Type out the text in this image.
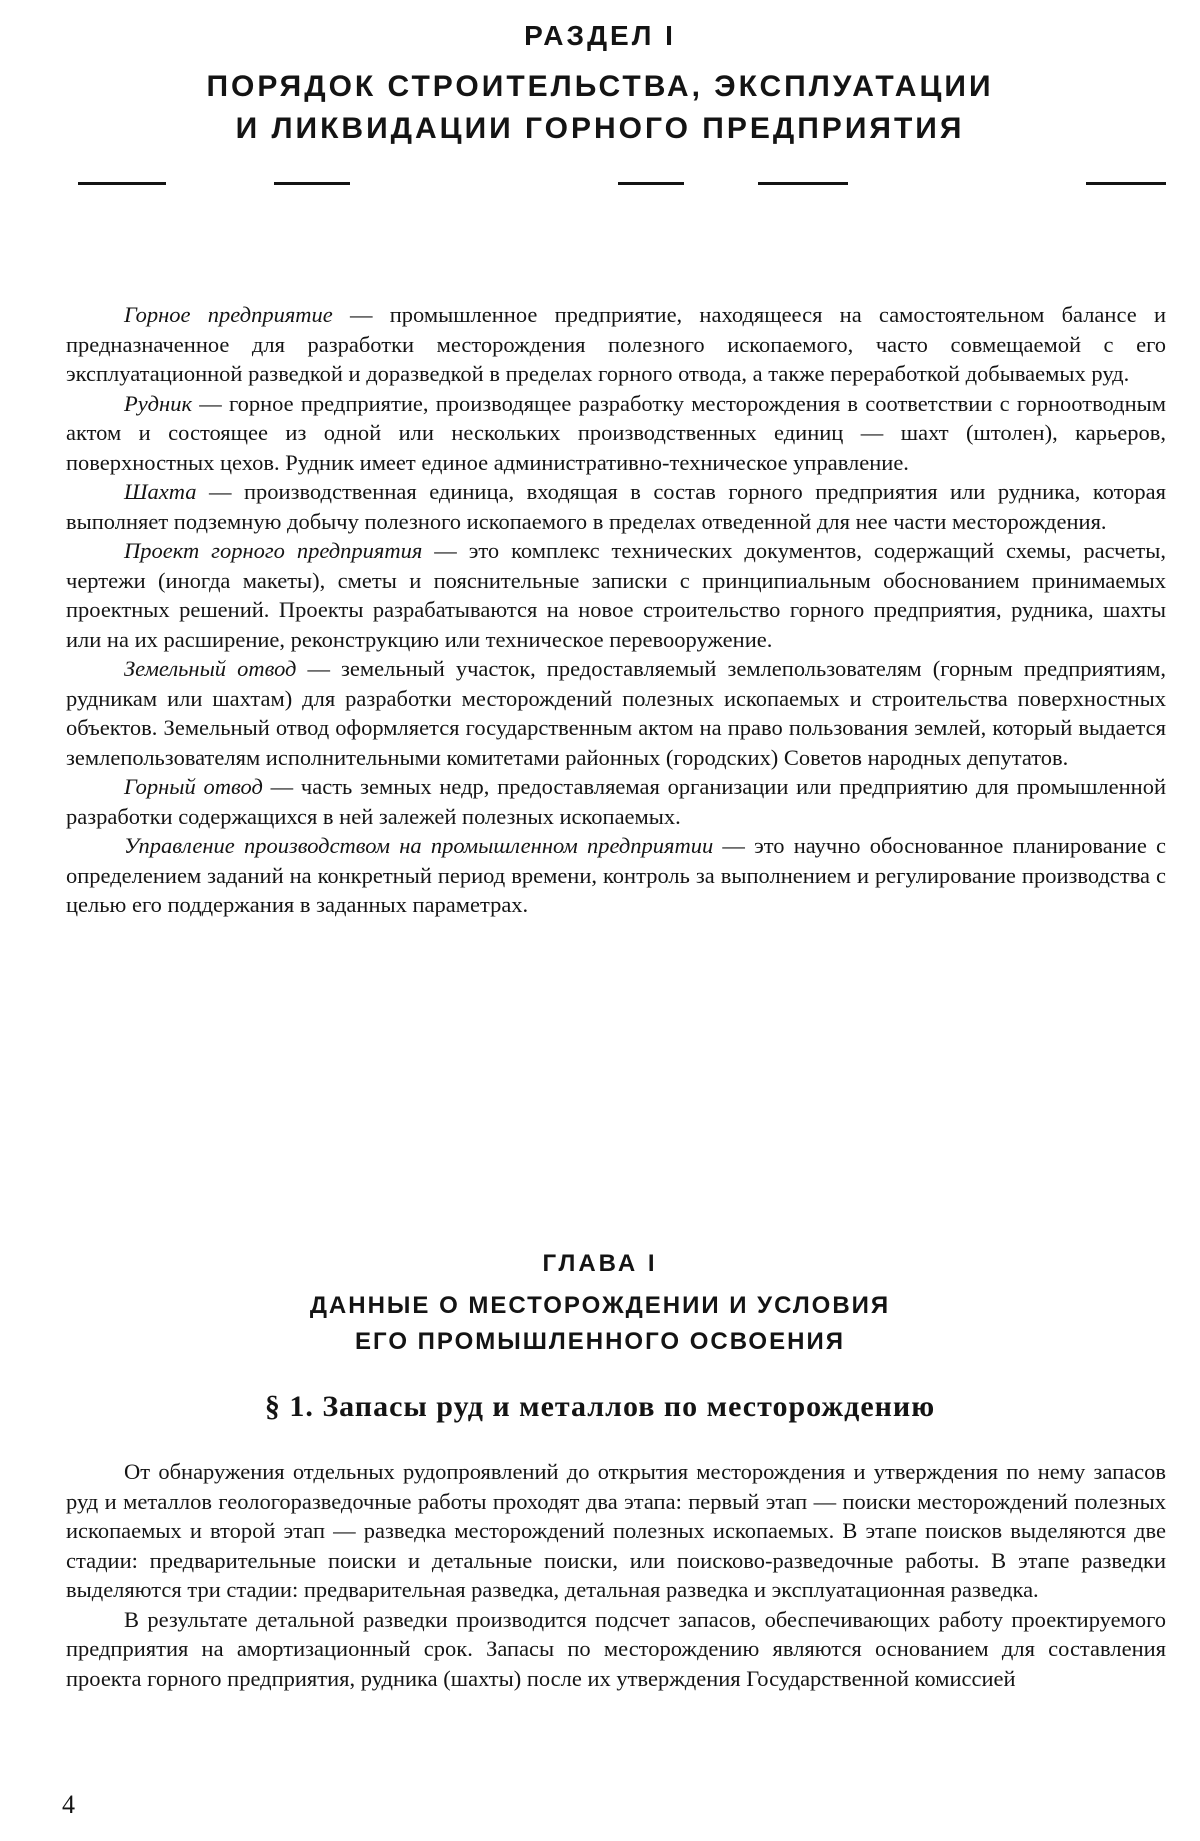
РАЗДЕЛ I
ПОРЯДОК СТРОИТЕЛЬСТВА, ЭКСПЛУАТАЦИИ
И ЛИКВИДАЦИИ ГОРНОГО ПРЕДПРИЯТИЯ

Горное предприятие — промышленное предприятие, находящееся на самостоятельном балансе и предназначенное для разработки месторождения полезного ископаемого, часто совмещаемой с его эксплуатационной разведкой и доразведкой в пределах горного отвода, а также переработкой добываемых руд.

Рудник — горное предприятие, производящее разработку месторождения в соответствии с горноотводным актом и состоящее из одной или нескольких производственных единиц — шахт (штолен), карьеров, поверхностных цехов. Рудник имеет единое административно-техническое управление.

Шахта — производственная единица, входящая в состав горного предприятия или рудника, которая выполняет подземную добычу полезного ископаемого в пределах отведенной для нее части месторождения.

Проект горного предприятия — это комплекс технических документов, содержащий схемы, расчеты, чертежи (иногда макеты), сметы и пояснительные записки с принципиальным обоснованием принимаемых проектных решений. Проекты разрабатываются на новое строительство горного предприятия, рудника, шахты или на их расширение, реконструкцию или техническое перевооружение.

Земельный отвод — земельный участок, предоставляемый землепользователям (горным предприятиям, рудникам или шахтам) для разработки месторождений полезных ископаемых и строительства поверхностных объектов. Земельный отвод оформляется государственным актом на право пользования землей, который выдается землепользователям исполнительными комитетами районных (городских) Советов народных депутатов.

Горный отвод — часть земных недр, предоставляемая организации или предприятию для промышленной разработки содержащихся в ней залежей полезных ископаемых.

Управление производством на промышленном предприятии — это научно обоснованное планирование с определением заданий на конкретный период времени, контроль за выполнением и регулирование производства с целью его поддержания в заданных параметрах.

ГЛАВА I
ДАННЫЕ О МЕСТОРОЖДЕНИИ И УСЛОВИЯ
ЕГО ПРОМЫШЛЕННОГО ОСВОЕНИЯ
§ 1. Запасы руд и металлов по месторождению

От обнаружения отдельных рудопроявлений до открытия месторождения и утверждения по нему запасов руд и металлов геологоразведочные работы проходят два этапа: первый этап — поиски месторождений полезных ископаемых и второй этап — разведка месторождений полезных ископаемых. В этапе поисков выделяются две стадии: предварительные поиски и детальные поиски, или поисково-разведочные работы. В этапе разведки выделяются три стадии: предварительная разведка, детальная разведка и эксплуатационная разведка.

В результате детальной разведки производится подсчет запасов, обеспечивающих работу проектируемого предприятия на амортизационный срок. Запасы по месторождению являются основанием для составления проекта горного предприятия, рудника (шахты) после их утверждения Государственной комиссией

4
